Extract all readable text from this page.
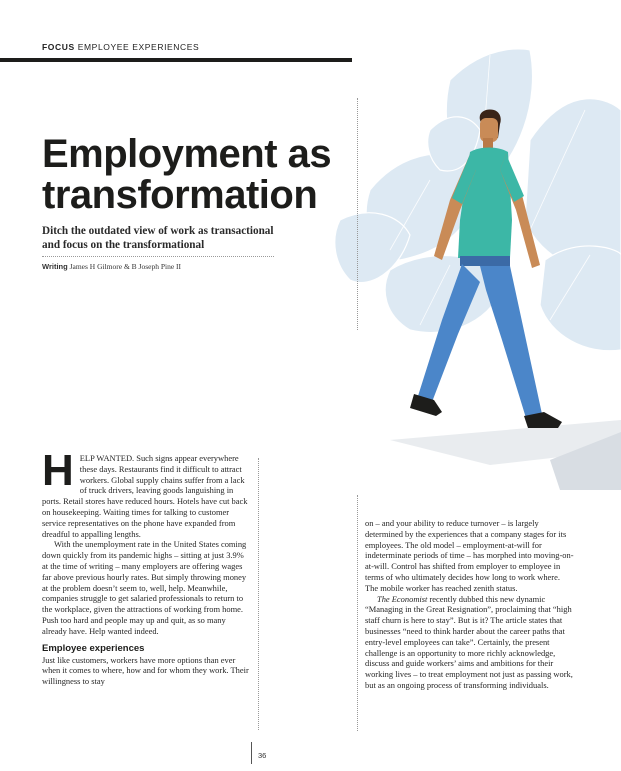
FOCUS EMPLOYEE EXPERIENCES
Employment as
transformation

Ditch the outdated view of work as transactional and focus on the transformational

Writing James H Gilmore & B Joseph Pine II

H ELP WANTED. Such signs appear everywhere these days. Restaurants find it difficult to attract workers. Global supply chains suffer from a lack of truck drivers, leaving goods languishing in ports. Retail stores have reduced hours. Hotels have cut back on housekeeping. Waiting times for talking to customer service representatives on the phone have expanded from dreadful to appalling lengths.

With the unemployment rate in the United States coming down quickly from its pandemic highs – sitting at just 3.9% at the time of writing – many employers are offering wages far above previous hourly rates. But simply throwing money at the problem doesn’t seem to, well, help. Meanwhile, companies struggle to get salaried professionals to return to the workplace, given the attractions of working from home. Push too hard and people may up and quit, as so many already have. Help wanted indeed.

Employee experiences

Just like customers, workers have more options than ever when it comes to where, how and for whom they work. Their willingness to stay

on – and your ability to reduce turnover – is largely determined by the experiences that a company stages for its employees. The old model – employment-at-will for indeterminate periods of time – has morphed into moving-on-at-will. Control has shifted from employer to employee in terms of who ultimately decides how long to work where. The mobile worker has reached zenith status.

The Economist recently dubbed this new dynamic “Managing in the Great Resignation”, proclaiming that “high staff churn is here to stay”. But is it? The article states that businesses “need to think harder about the career paths that entry-level employees can take”. Certainly, the present challenge is an opportunity to more richly acknowledge, discuss and guide workers’ aims and ambitions for their working lives – to treat employment not just as passing work, but as an ongoing process of transforming individuals.

36
